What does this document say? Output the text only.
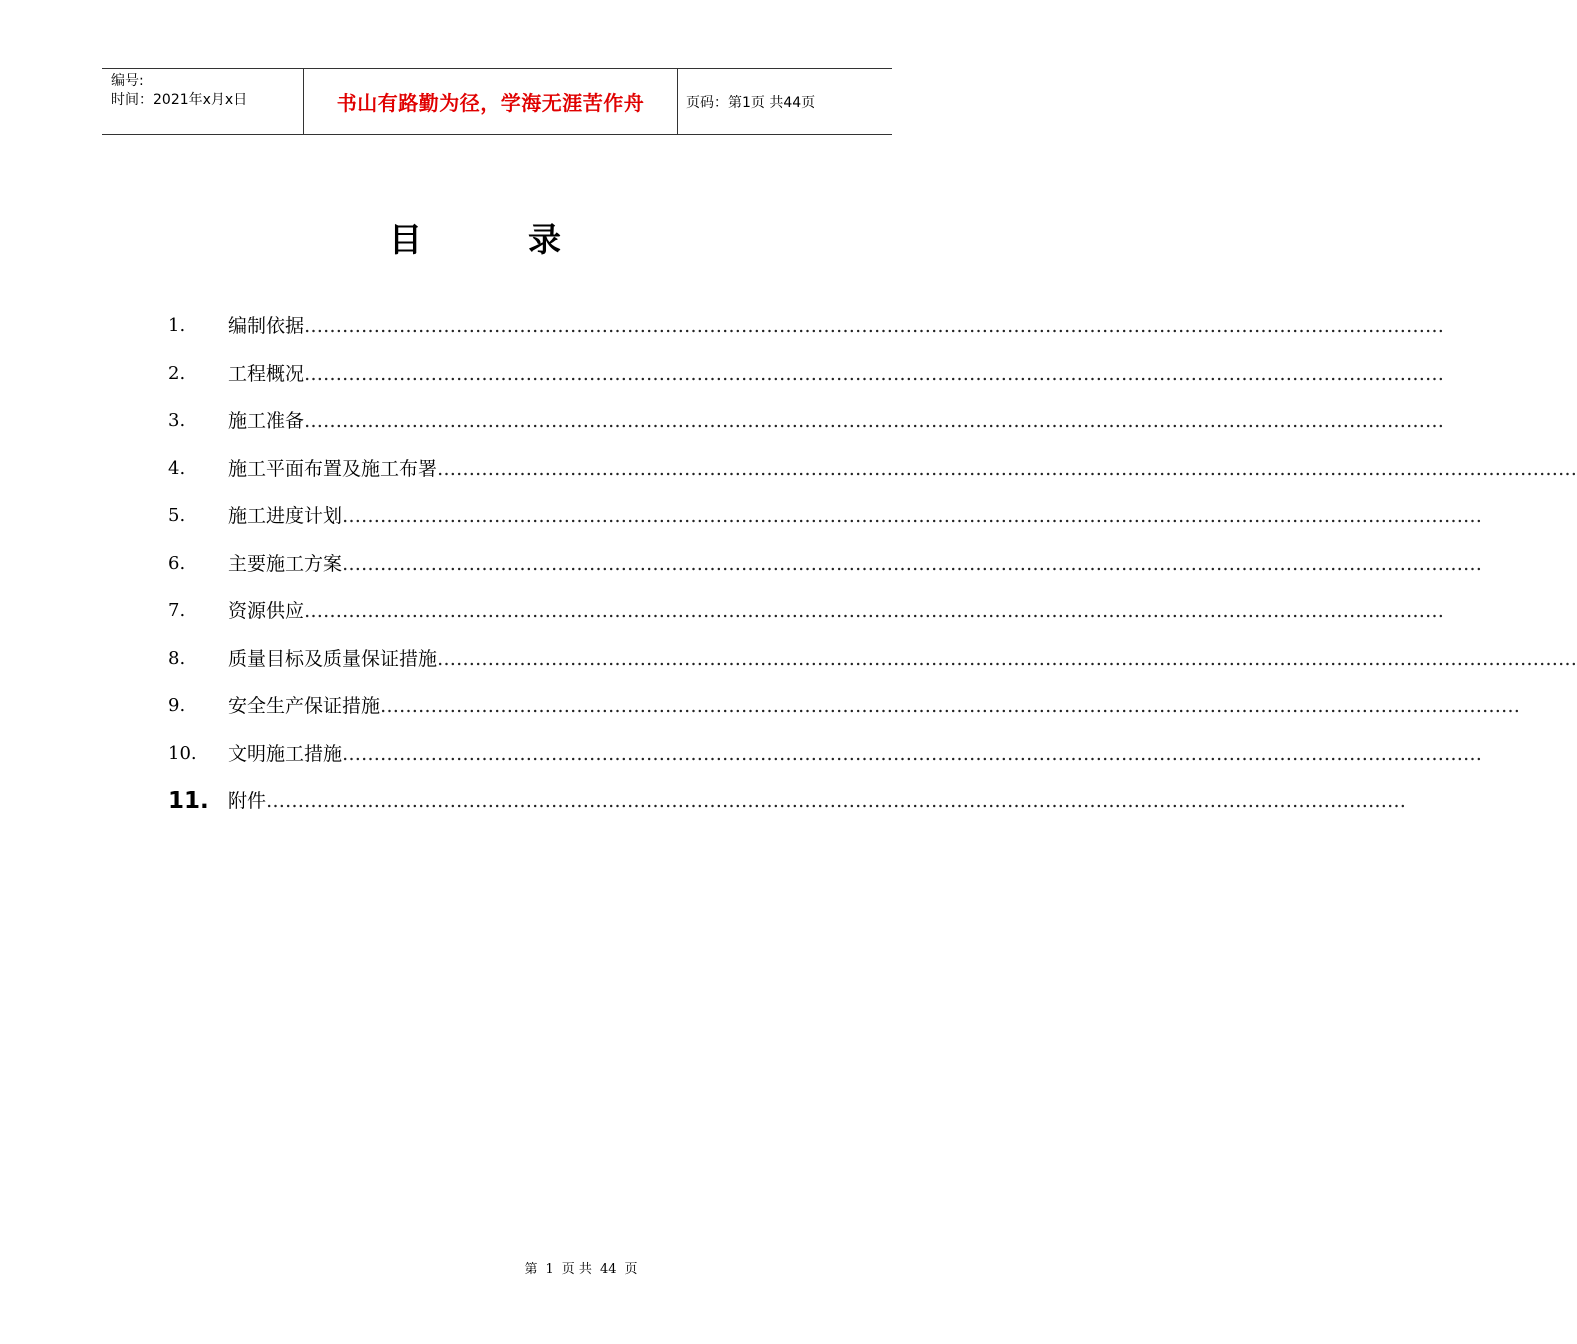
编号:
时间：2021年x月x日	书山有路勤为径，学海无涯苦作舟	页码：第1页 共44页
目	录
1. 编制依据 ………………………………………………………………………………………………………………………………………………………………
2. 工程概况 ………………………………………………………………………………………………………………………………………………………………
3. 施工准备 ………………………………………………………………………………………………………………………………………………………………
4. 施工平面布置及施工布署 ………………………………………………………………………………………………………………………………………………………………
5. 施工进度计划 ………………………………………………………………………………………………………………………………………………………………
6. 主要施工方案 ………………………………………………………………………………………………………………………………………………………………
7. 资源供应 ………………………………………………………………………………………………………………………………………………………………
8. 质量目标及质量保证措施 ………………………………………………………………………………………………………………………………………………………………
9. 安全生产保证措施 ………………………………………………………………………………………………………………………………………………………………
10. 文明施工措施 ………………………………………………………………………………………………………………………………………………………………
11. 附件 ………………………………………………………………………………………………………………………………………………………………
第 1 页 共 44 页
